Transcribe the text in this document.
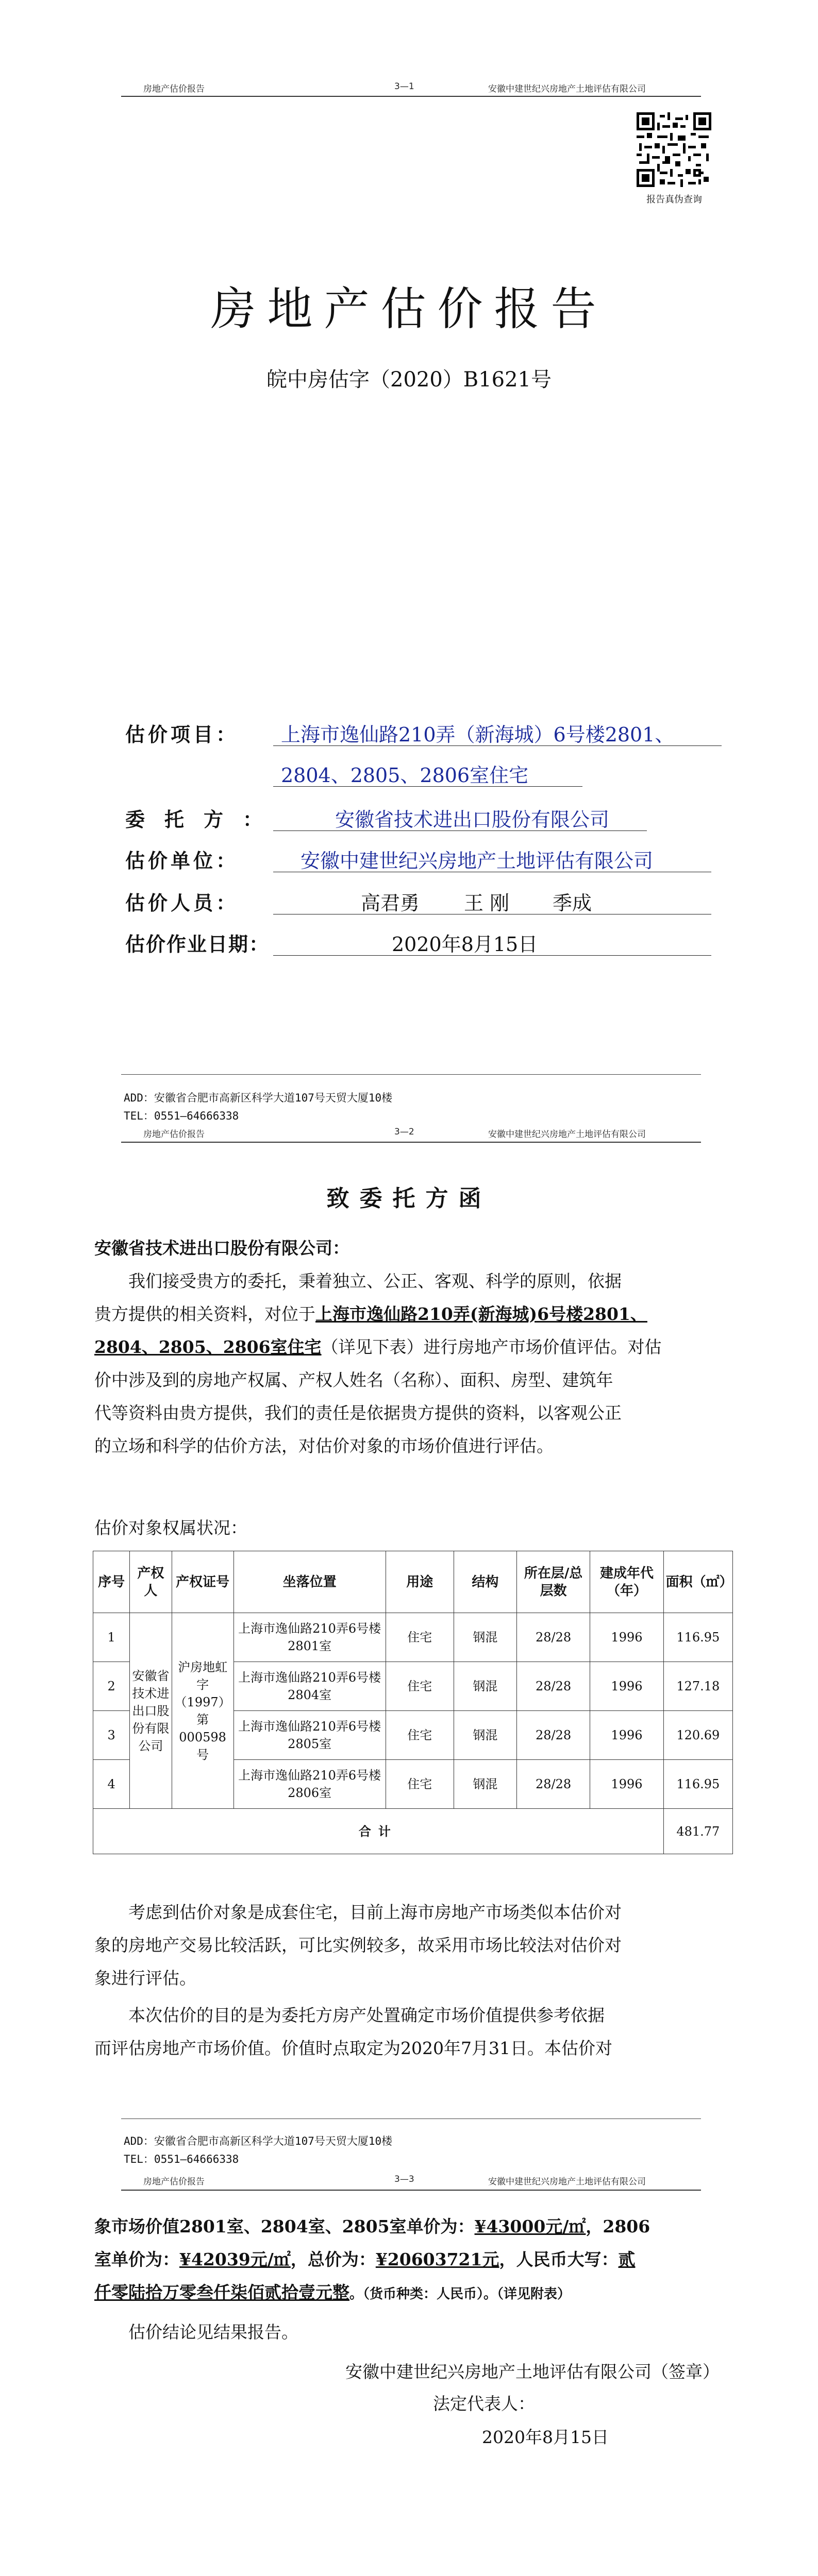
房地产估价报告	3—1	安徽中建世纪兴房地产土地评估有限公司
报告真伪查询
房地产估价报告
皖中房估字（2020）B1621号
估价项目： 上海市逸仙路210弄（新海城）6号楼2801、
2804、2805、2806室住宅
委托方：	安徽省技术进出口股份有限公司
估价单位：	安徽中建世纪兴房地产土地评估有限公司
估价人员：	高君勇 王 刚 季成
估价作业日期：	2020年8月15日
ADD：安徽省合肥市高新区科学大道107号天贸大厦10楼
TEL：0551—64666338
房地产估价报告	3—2	安徽中建世纪兴房地产土地评估有限公司
致委托方函
安徽省技术进出口股份有限公司：
我们接受贵方的委托，秉着独立、公正、客观、科学的原则，依据
贵方提供的相关资料，对位于上海市逸仙路210弄(新海城)6号楼2801、
2804、2805、2806室住宅（详见下表）进行房地产市场价值评估。对估
价中涉及到的房地产权属、产权人姓名（名称）、面积、房型、建筑年
代等资料由贵方提供，我们的责任是依据贵方提供的资料，以客观公正
的立场和科学的估价方法，对估价对象的市场价值进行评估。
估价对象权属状况：
序号	产权人	产权证号	坐落位置	用途	结构	所在层/总层数	建成年代（年）	面积（㎡）
1	安徽省技术进出口股份有限公司	沪房地虹字（1997）第000598号	上海市逸仙路210弄6号楼2801室	住宅	钢混	28/28	1996	116.95
2			上海市逸仙路210弄6号楼2804室	住宅	钢混	28/28	1996	127.18
3			上海市逸仙路210弄6号楼2805室	住宅	钢混	28/28	1996	120.69
4			上海市逸仙路210弄6号楼2806室	住宅	钢混	28/28	1996	116.95
合计								481.77
考虑到估价对象是成套住宅，目前上海市房地产市场类似本估价对
象的房地产交易比较活跃，可比实例较多，故采用市场比较法对估价对
象进行评估。
本次估价的目的是为委托方房产处置确定市场价值提供参考依据
而评估房地产市场价值。价值时点取定为2020年7月31日。本估价对
ADD：安徽省合肥市高新区科学大道107号天贸大厦10楼
TEL：0551—64666338
房地产估价报告	3—3	安徽中建世纪兴房地产土地评估有限公司
象市场价值2801室、2804室、2805室单价为：¥43000元/㎡，2806
室单价为：¥42039元/㎡，总价为：¥20603721元，人民币大写：贰
仟零陆拾万零叁仟柒佰贰拾壹元整。（货币种类：人民币）。（详见附表）
估价结论见结果报告。
安徽中建世纪兴房地产土地评估有限公司（签章）
法定代表人：
2020年8月15日
